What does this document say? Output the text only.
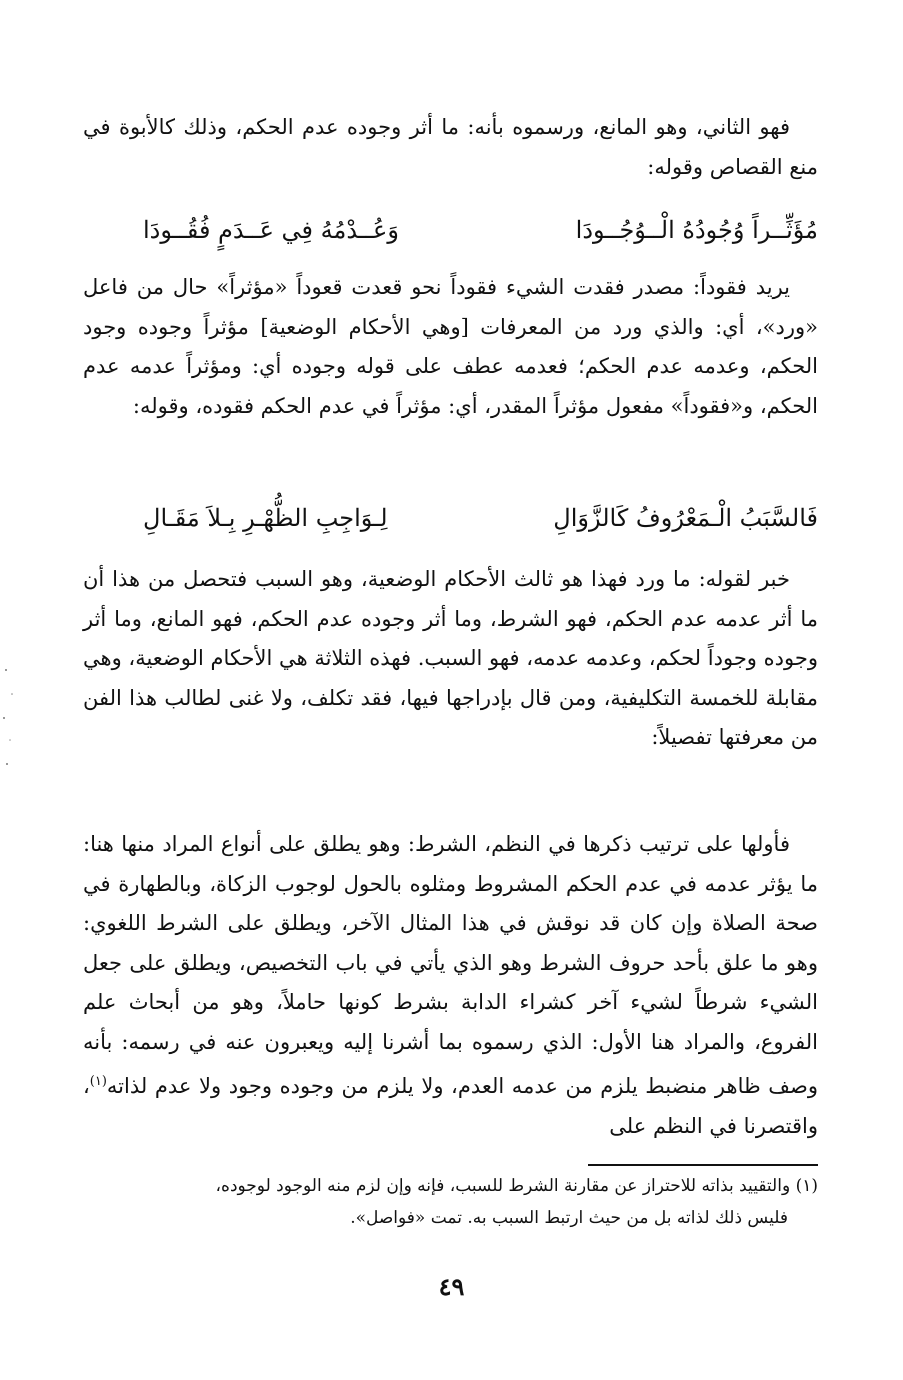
فهو الثاني، وهو المانع، ورسموه بأنه: ما أثر وجوده عدم الحكم، وذلك كالأبوة في منع القصاص وقوله:

مُؤَثِّــراً وُجُودُهُ الْــوُجُــودَا
وَعُــدْمُهُ فِي عَــدَمٍ فُقُــودَا

يريد فقوداً: مصدر فقدت الشيء فقوداً نحو قعدت قعوداً «مؤثراً» حال من فاعل «ورد»، أي: والذي ورد من المعرفات [وهي الأحكام الوضعية] مؤثراً وجوده وجود الحكم، وعدمه عدم الحكم؛ فعدمه عطف على قوله وجوده أي: ومؤثراً عدمه عدم الحكم، و«فقوداً» مفعول مؤثراً المقدر، أي: مؤثراً في عدم الحكم فقوده، وقوله:

فَالسَّبَبُ الْـمَعْرُوفُ كَالزَّوَالِ
لِـوَاجِبِ الظُّهْـرِ بِـلاَ مَقَـالِ

خبر لقوله: ما ورد فهذا هو ثالث الأحكام الوضعية، وهو السبب فتحصل من هذا أن ما أثر عدمه عدم الحكم، فهو الشرط، وما أثر وجوده عدم الحكم، فهو المانع، وما أثر وجوده وجوداً لحكم، وعدمه عدمه، فهو السبب. فهذه الثلاثة هي الأحكام الوضعية، وهي مقابلة للخمسة التكليفية، ومن قال بإدراجها فيها، فقد تكلف، ولا غنى لطالب هذا الفن من معرفتها تفصيلاً:

فأولها على ترتيب ذكرها في النظم، الشرط: وهو يطلق على أنواع المراد منها هنا: ما يؤثر عدمه في عدم الحكم المشروط ومثلوه بالحول لوجوب الزكاة، وبالطهارة في صحة الصلاة وإن كان قد نوقش في هذا المثال الآخر، ويطلق على الشرط اللغوي: وهو ما علق بأحد حروف الشرط وهو الذي يأتي في باب التخصيص، ويطلق على جعل الشيء شرطاً لشيء آخر كشراء الدابة بشرط كونها حاملاً، وهو من أبحاث علم الفروع، والمراد هنا الأول: الذي رسموه بما أشرنا إليه ويعبرون عنه في رسمه: بأنه وصف ظاهر منضبط يلزم من عدمه العدم، ولا يلزم من وجوده وجود ولا عدم لذاته$^{(١)}$، واقتصرنا في النظم على
(١) والتقييد بذاته للاحتراز عن مقارنة الشرط للسبب، فإنه وإن لزم منه الوجود لوجوده،
فليس ذلك لذاته بل من حيث ارتبط السبب به. تمت «فواصل».
٤٩
